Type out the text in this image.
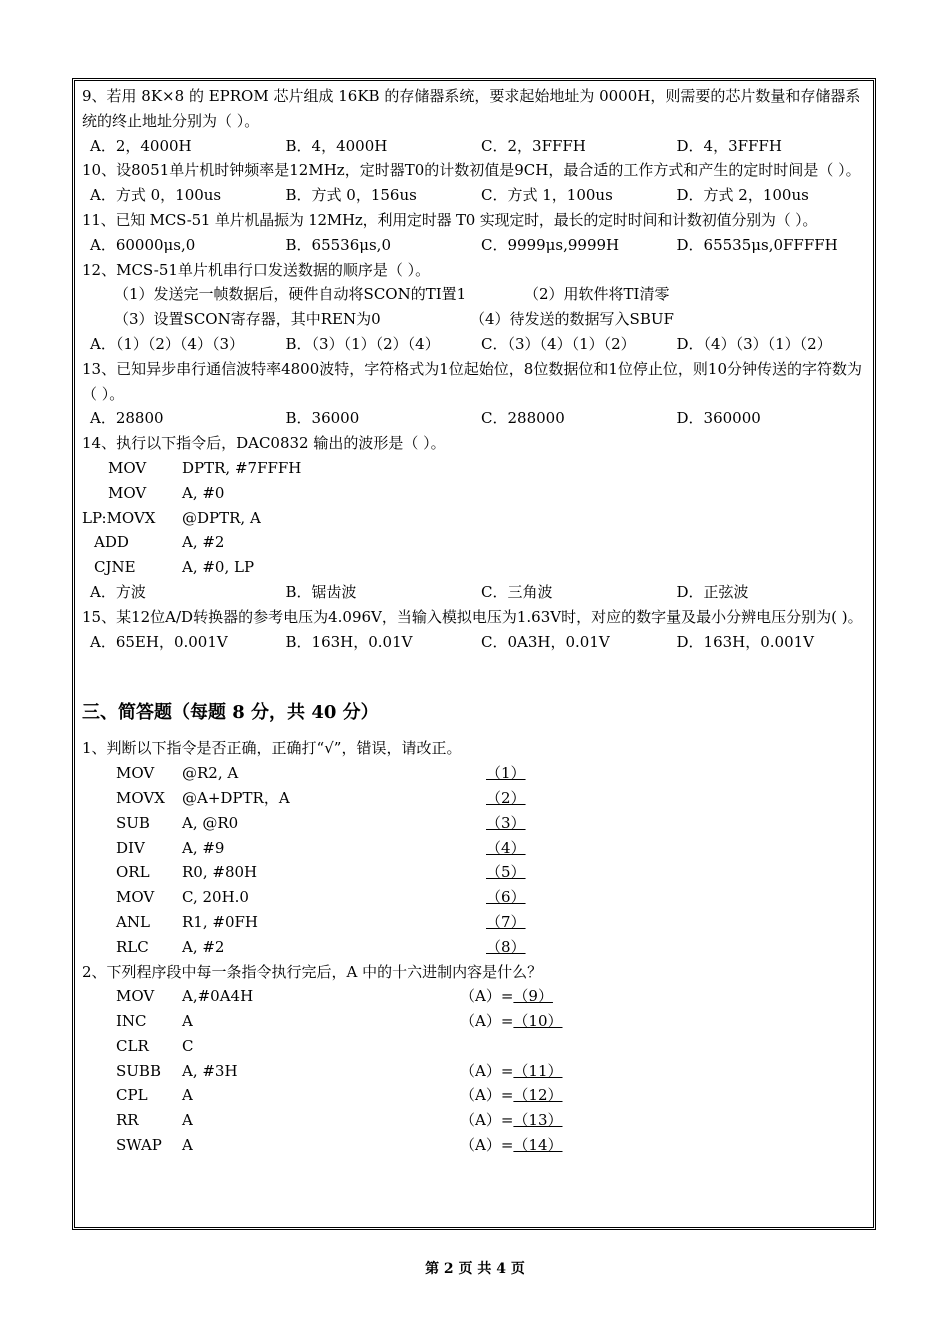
9、若用 8K×8 的 EPROM 芯片组成 16KB 的存储器系统，要求起始地址为 0000H，则需要的芯片数量和存储器系统的终止地址分别为（ ）。
A．2，4000H	B．4，4000H	C．2，3FFFH	D．4，3FFFH
10、设8051单片机时钟频率是12MHz，定时器T0的计数初值是9CH，最合适的工作方式和产生的定时时间是（ ）。
A．方式 0，100us	B．方式 0，156us	C．方式 1，100us	D．方式 2，100us
11、已知 MCS-51 单片机晶振为 12MHz，利用定时器 T0 实现定时，最长的定时时间和计数初值分别为（ ）。
A．60000μs,0	B．65536μs,0	C．9999μs,9999H	D．65535μs,0FFFFH
12、MCS-51单片机串行口发送数据的顺序是（ ）。
（1）发送完一帧数据后，硬件自动将SCON的TI置1	（2）用软件将TI清零
（3）设置SCON寄存器，其中REN为0	（4）待发送的数据写入SBUF
A．（1）（2）（4）（3）	B．（3）（1）（2）（4）	C．（3）（4）（1）（2）	D．（4）（3）（1）（2）
13、已知异步串行通信波特率4800波特，字符格式为1位起始位，8位数据位和1位停止位，则10分钟传送的字符数为（ ）。
A．28800	B．36000	C．288000	D．360000
14、执行以下指令后，DAC0832 输出的波形是（ ）。
MOV	DPTR, #7FFFH
MOV	A, #0
LP:MOVX	@DPTR, A
ADD	A, #2
CJNE	A, #0, LP
A．方波	B．锯齿波	C．三角波	D．正弦波
15、某12位A/D转换器的参考电压为4.096V，当输入模拟电压为1.63V时，对应的数字量及最小分辨电压分别为( )。
A．65EH，0.001V	B．163H，0.01V	C．0A3H，0.01V	D．163H，0.001V
三、简答题（每题 8 分，共 40 分）
1、判断以下指令是否正确，正确打“√”，错误，请改正。
MOV	@R2, A	（1）
MOVX	@A+DPTR，A	（2）
SUB	A, @R0	（3）
DIV	A, #9	（4）
ORL	R0, #80H	（5）
MOV	C, 20H.0	（6）
ANL	R1, #0FH	（7）
RLC	A, #2	（8）
2、下列程序段中每一条指令执行完后，A 中的十六进制内容是什么？
MOV	A,#0A4H	（A）= （9）
INC	A	（A）= （10）
CLR	C
SUBB	A, #3H	（A）= （11）
CPL	A	（A）= （12）
RR	A	（A）= （13）
SWAP	A	（A）= （14）
第 2 页 共 4 页
